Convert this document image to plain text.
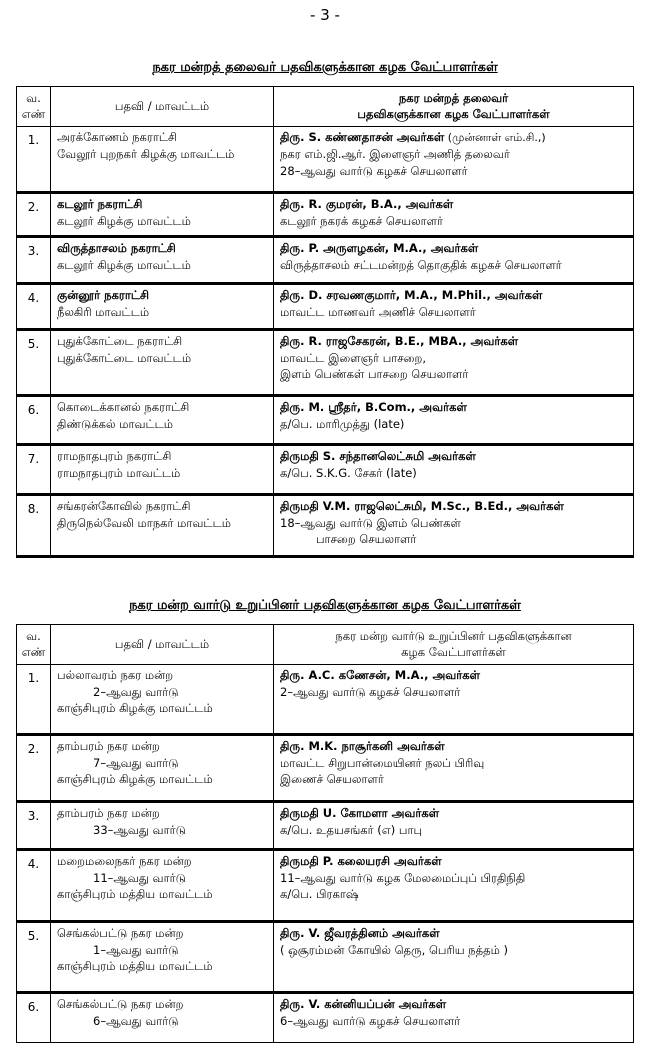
- 3 -
நகர மன்றத் தலைவர் பதவிகளுக்கான கழக வேட்பாளர்கள்
வ.
எண்	பதவி / மாவட்டம்	நகர மன்றத் தலைவர்
பதவிகளுக்கான கழக வேட்பாளர்கள்

1.	அரக்கோணம் நகராட்சி
வேலூர் புறநகர் கிழக்கு மாவட்டம்	திரு. S. கண்ணதாசன் அவர்கள் (முன்னாள் எம்.சி.,)
நகர எம்.ஜி.ஆர். இளைஞர் அணித் தலைவர்
28–ஆவது வார்டு கழகச் செயலாளர்

2.	கடலூர் நகராட்சி
கடலூர் கிழக்கு மாவட்டம்	திரு. R. குமரன், B.A., அவர்கள்
கடலூர் நகரக் கழகச் செயலாளர்

3.	விருத்தாசலம் நகராட்சி
கடலூர் கிழக்கு மாவட்டம்	திரு. P. அருளழகன், M.A., அவர்கள்
விருத்தாசலம் சட்டமன்றத் தொகுதிக் கழகச் செயலாளர்

4.	குன்னூர் நகராட்சி
நீலகிரி மாவட்டம்	திரு. D. சரவணகுமார், M.A., M.Phil., அவர்கள்
மாவட்ட மாணவர் அணிச் செயலாளர்

5.	புதுக்கோட்டை நகராட்சி
புதுக்கோட்டை மாவட்டம்	திரு. R. ராஜசேகரன், B.E., MBA., அவர்கள்
மாவட்ட இளைஞர் பாசறை,
இளம் பெண்கள் பாசறை செயலாளர்

6.	கொடைக்கானல் நகராட்சி
திண்டுக்கல் மாவட்டம்	திரு. M. ஸ்ரீதர், B.Com., அவர்கள்
த/பெ. மாரிமுத்து (late)

7.	ராமநாதபுரம் நகராட்சி
ராமநாதபுரம் மாவட்டம்	திருமதி S. சந்தானலெட்சுமி அவர்கள்
க/பெ. S.K.G. சேகர் (late)

8.	சங்கரன்கோவில் நகராட்சி
திருநெல்வேலி மாநகர் மாவட்டம்	திருமதி V.M. ராஜலெட்சுமி, M.Sc., B.Ed., அவர்கள்
18–ஆவது வார்டு இளம் பெண்கள்
பாசறை செயலாளர்
நகர மன்ற வார்டு உறுப்பினர் பதவிகளுக்கான கழக வேட்பாளர்கள்
வ.
எண்	பதவி / மாவட்டம்	நகர மன்ற வார்டு உறுப்பினர் பதவிகளுக்கான
கழக வேட்பாளர்கள்

1.	பல்லாவரம் நகர மன்ற
2–ஆவது வார்டு
காஞ்சிபுரம் கிழக்கு மாவட்டம்	திரு. A.C. கணேசன், M.A., அவர்கள்
2–ஆவது வார்டு கழகச் செயலாளர்

2.	தாம்பரம் நகர மன்ற
7–ஆவது வார்டு
காஞ்சிபுரம் கிழக்கு மாவட்டம்	திரு. M.K. நாசூர்கனி அவர்கள்
மாவட்ட சிறுபான்மையினர் நலப் பிரிவு
இணைச் செயலாளர்

3.	தாம்பரம் நகர மன்ற
33–ஆவது வார்டு	திருமதி U. கோமளா அவர்கள்
க/பெ. உதயசங்கர் (எ) பாபு

4.	மறைமலைநகர் நகர மன்ற
11–ஆவது வார்டு
காஞ்சிபுரம் மத்திய மாவட்டம்	திருமதி P. கலையரசி அவர்கள்
11–ஆவது வார்டு கழக மேலமைப்புப் பிரதிநிதி
க/பெ. பிரகாஷ்

5.	செங்கல்பட்டு நகர மன்ற
1–ஆவது வார்டு
காஞ்சிபுரம் மத்திய மாவட்டம்	திரு. V. ஜீவரத்தினம் அவர்கள்
( ஒசூரம்மன் கோயில் தெரு, பெரிய நத்தம் )

6.	செங்கல்பட்டு நகர மன்ற
6–ஆவது வார்டு	திரு. V. கன்னியப்பன் அவர்கள்
6–ஆவது வார்டு கழகச் செயலாளர்
